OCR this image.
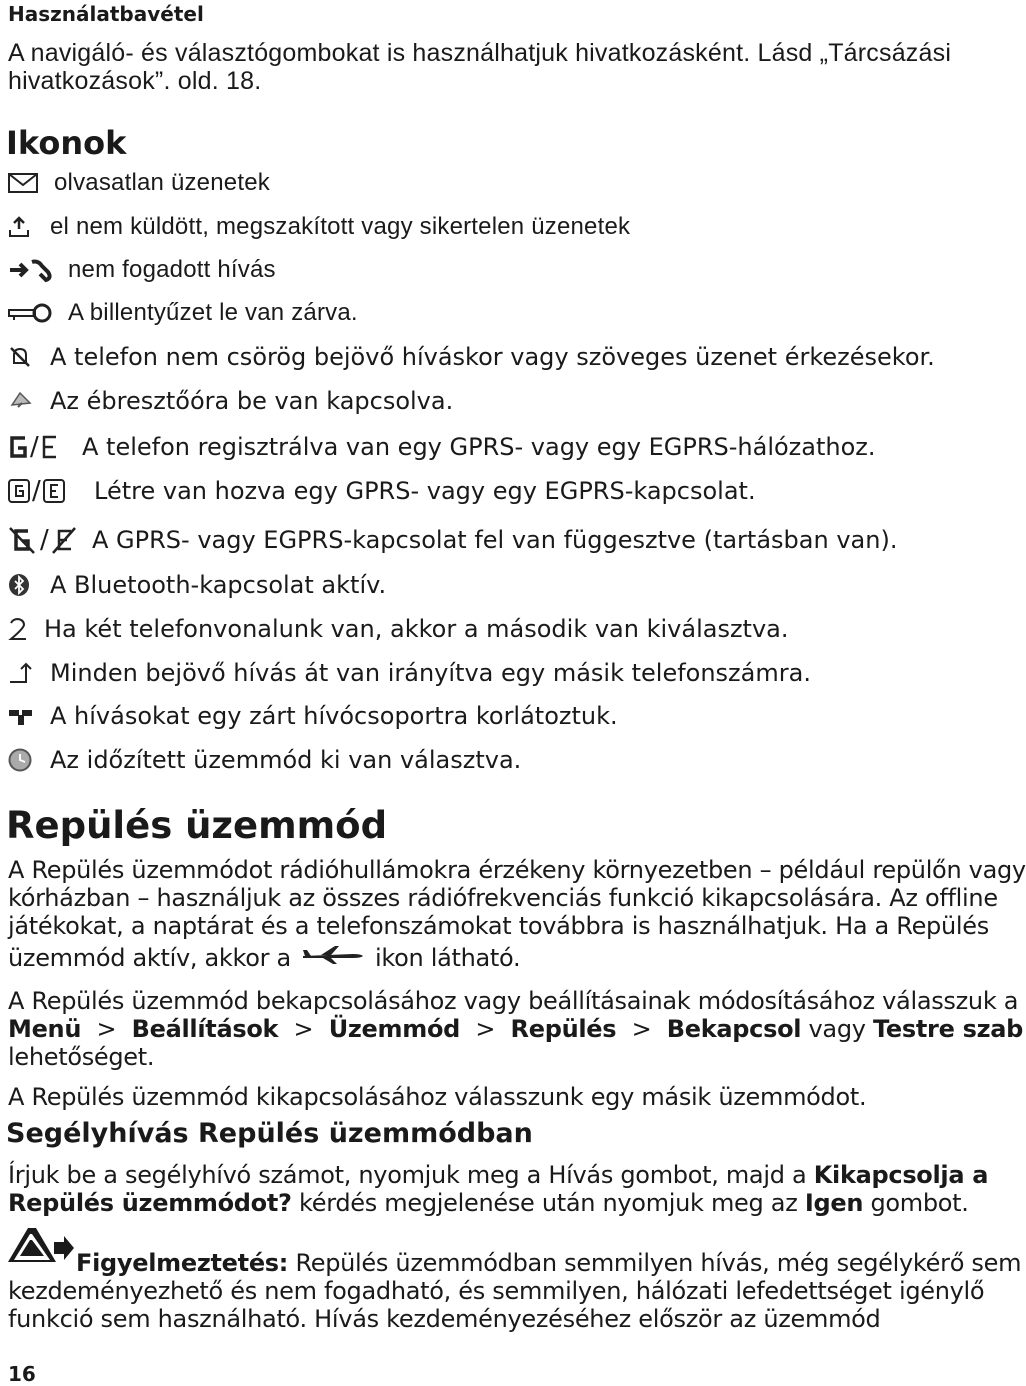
Használatbavétel
A navigáló- és választógombokat is használhatjuk hivatkozásként. Lásd „Tárcsázási
hivatkozások”. old. 18.
Ikonok
olvasatlan üzenetek
el nem küldött, megszakított vagy sikertelen üzenetek
nem fogadott hívás
A billentyűzet le van zárva.
A telefon nem csörög bejövő híváskor vagy szöveges üzenet érkezésekor.
Az ébresztőóra be van kapcsolva.
/ A telefon regisztrálva van egy GPRS- vagy egy EGPRS-hálózathoz.
/ Létre van hozva egy GPRS- vagy egy EGPRS-kapcsolat.
/ A GPRS- vagy EGPRS-kapcsolat fel van függesztve (tartásban van).
A Bluetooth-kapcsolat aktív.
Ha két telefonvonalunk van, akkor a második van kiválasztva.
Minden bejövő hívás át van irányítva egy másik telefonszámra.
A hívásokat egy zárt hívócsoportra korlátoztuk.
Az időzített üzemmód ki van választva.
Repülés üzemmód
A Repülés üzemmódot rádióhullámokra érzékeny környezetben – például repülőn vagy
kórházban – használjuk az összes rádiófrekvenciás funkció kikapcsolására. Az offline
játékokat, a naptárat és a telefonszámokat továbbra is használhatjuk. Ha a Repülés
üzemmód aktív, akkor a	ikon látható.
A Repülés üzemmód bekapcsolásához vagy beállításainak módosításához válasszuk a
Menü > Beállítások > Üzemmód > Repülés > Bekapcsol vagy Testre szab
lehetőséget.
A Repülés üzemmód kikapcsolásához válasszunk egy másik üzemmódot.
Segélyhívás Repülés üzemmódban
Írjuk be a segélyhívó számot, nyomjuk meg a Hívás gombot, majd a Kikapcsolja a
Repülés üzemmódot? kérdés megjelenése után nyomjuk meg az Igen gombot.
Figyelmeztetés: Repülés üzemmódban semmilyen hívás, még segélykérő sem
kezdeményezhető és nem fogadható, és semmilyen, hálózati lefedettséget igénylő
funkció sem használható. Hívás kezdeményezéséhez először az üzemmód
16
